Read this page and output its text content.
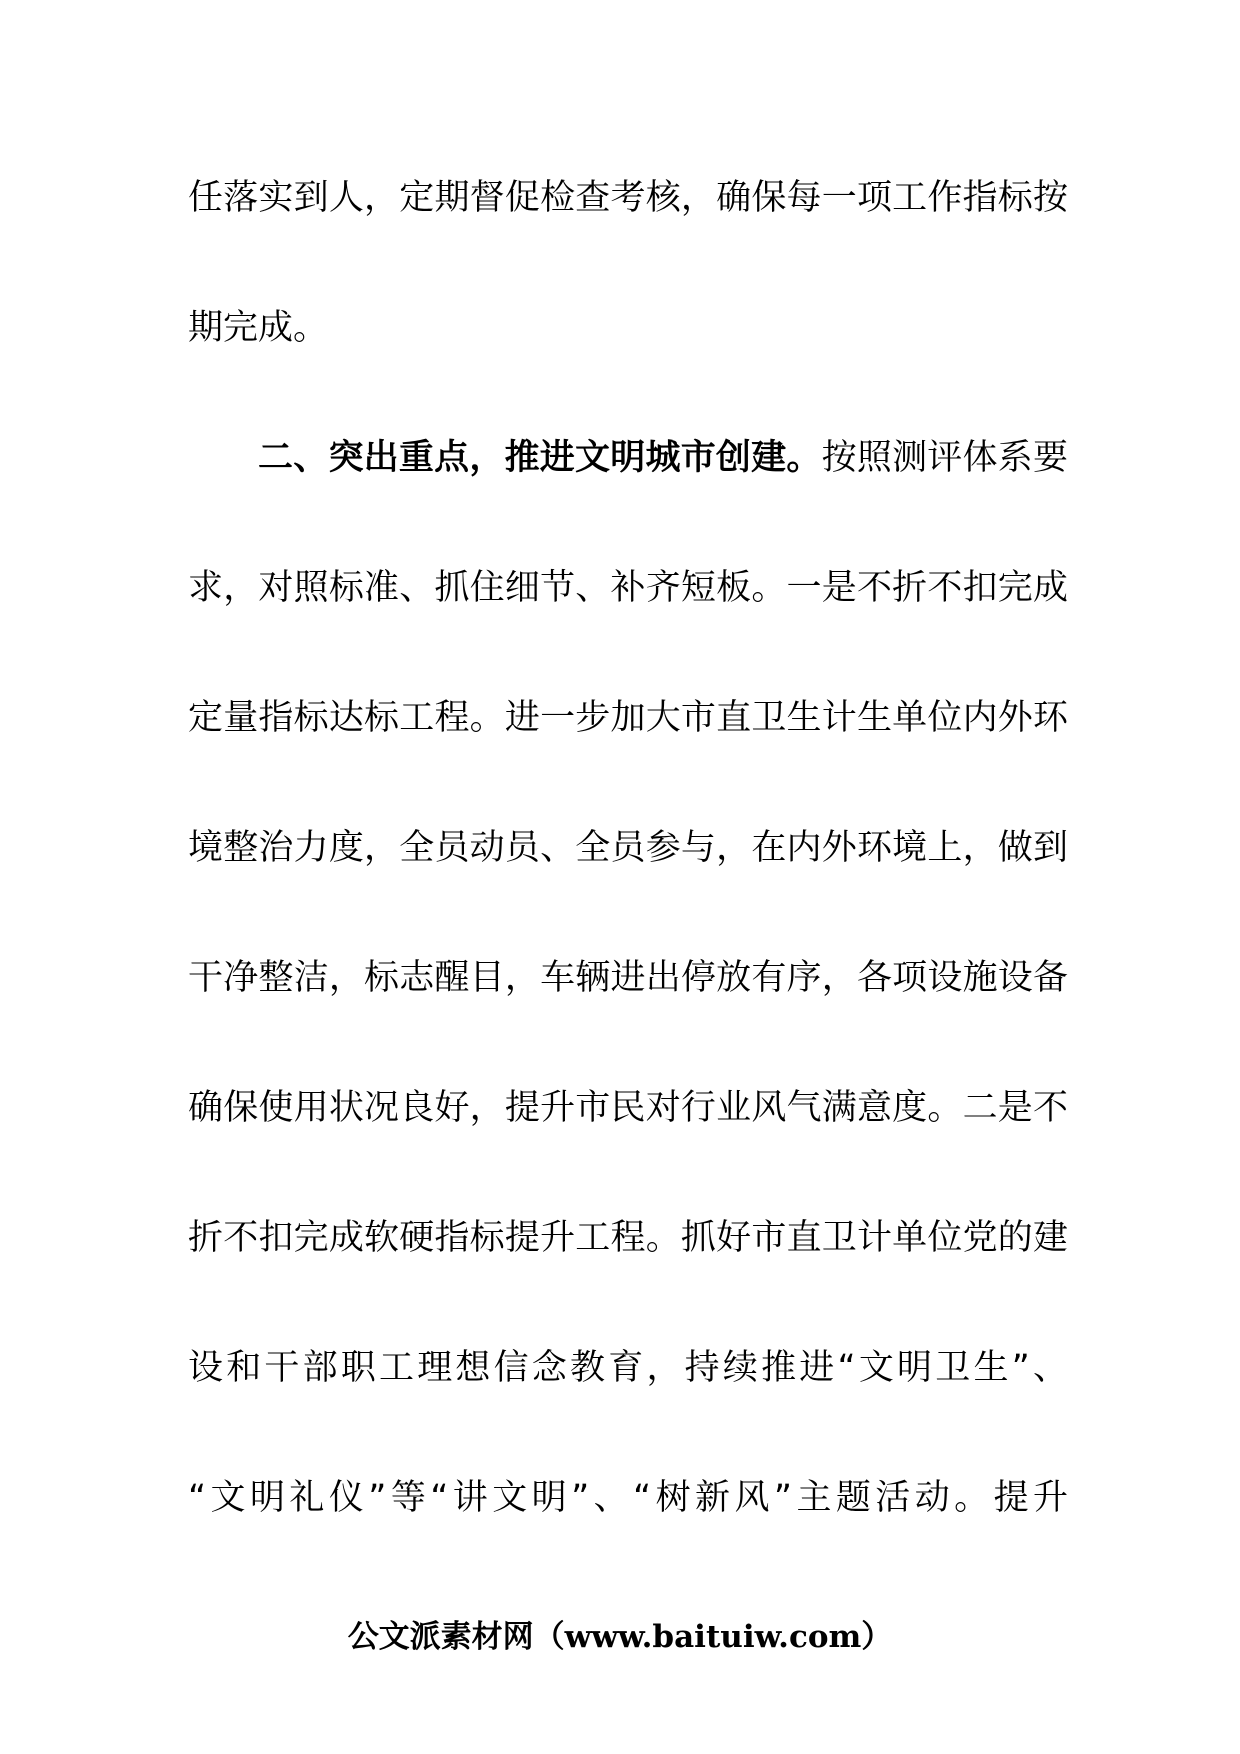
任落实到人，定期督促检查考核，确保每一项工作指标按
期完成。
二、突出重点，推进文明城市创建。按照测评体系要
求，对照标准、抓住细节、补齐短板。一是不折不扣完成
定量指标达标工程。进一步加大市直卫生计生单位内外环
境整治力度，全员动员、全员参与，在内外环境上，做到
干净整洁，标志醒目，车辆进出停放有序，各项设施设备
确保使用状况良好，提升市民对行业风气满意度。二是不
折不扣完成软硬指标提升工程。抓好市直卫计单位党的建
设和干部职工理想信念教育，持续推进“文明卫生”、
“文明礼仪”等“讲文明”、“树新风”主题活动。提升
公文派素材网（www.baituiw.com）
